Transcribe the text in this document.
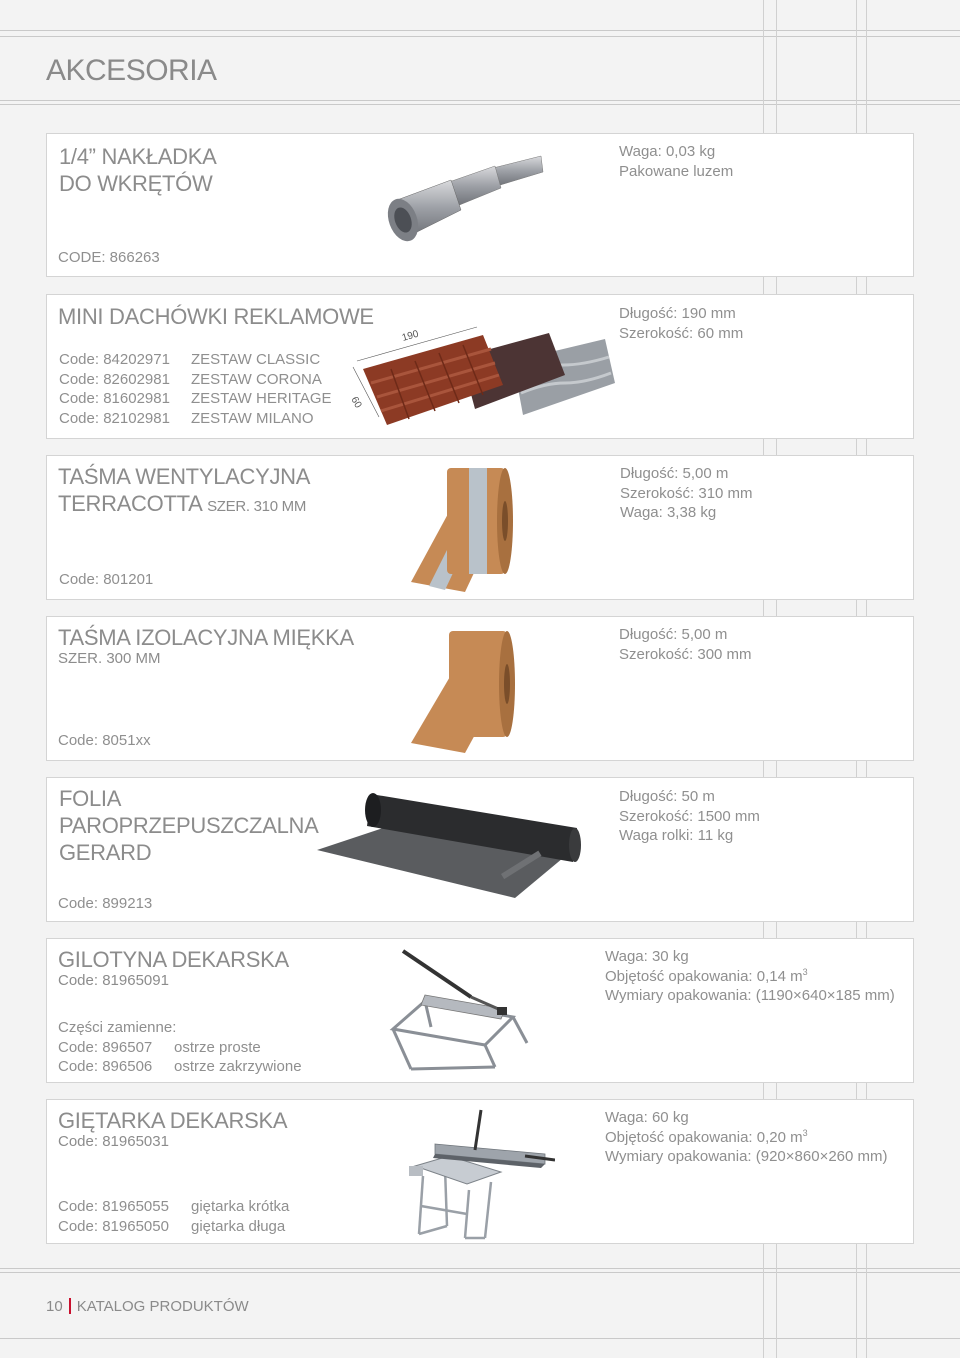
AKCESORIA
1/4” NAKŁADKA
DO WKRĘTÓW
Waga: 0,03 kg
Pakowane luzem
CODE: 866263
MINI DACHÓWKI REKLAMOWE
190
60
Długość: 190 mm
Szerokość: 60 mm
Code: 84202971	ZESTAW CLASSIC
Code: 82602981	ZESTAW CORONA
Code: 81602981	ZESTAW HERITAGE
Code: 82102981	ZESTAW MILANO
TAŚMA WENTYLACYJNA
TERRACOTTA SZER. 310 MM
Długość: 5,00 m
Szerokość: 310 mm
Waga: 3,38 kg
Code: 801201
TAŚMA IZOLACYJNA MIĘKKA
SZER. 300 MM
Długość: 5,00 m
Szerokość: 300 mm
Code: 8051xx
FOLIA
PAROPRZEPUSZCZALNA
GERARD
Długość: 50 m
Szerokość: 1500 mm
Waga rolki: 11 kg
Code: 899213
GILOTYNA DEKARSKA
Code: 81965091
Waga: 30 kg
Objętość opakowania: 0,14 $m^3$
Wymiary opakowania: (1190×640×185 mm)
Części zamienne:
Code: 896507	ostrze proste
Code: 896506	ostrze zakrzywione
GIĘTARKA DEKARSKA
Code: 81965031
Waga: 60 kg
Objętość opakowania: 0,20 $m^3$
Wymiary opakowania: (920×860×260 mm)
Code: 81965055	giętarka krótka
Code: 81965050	giętarka długa
10 KATALOG PRODUKTÓW
